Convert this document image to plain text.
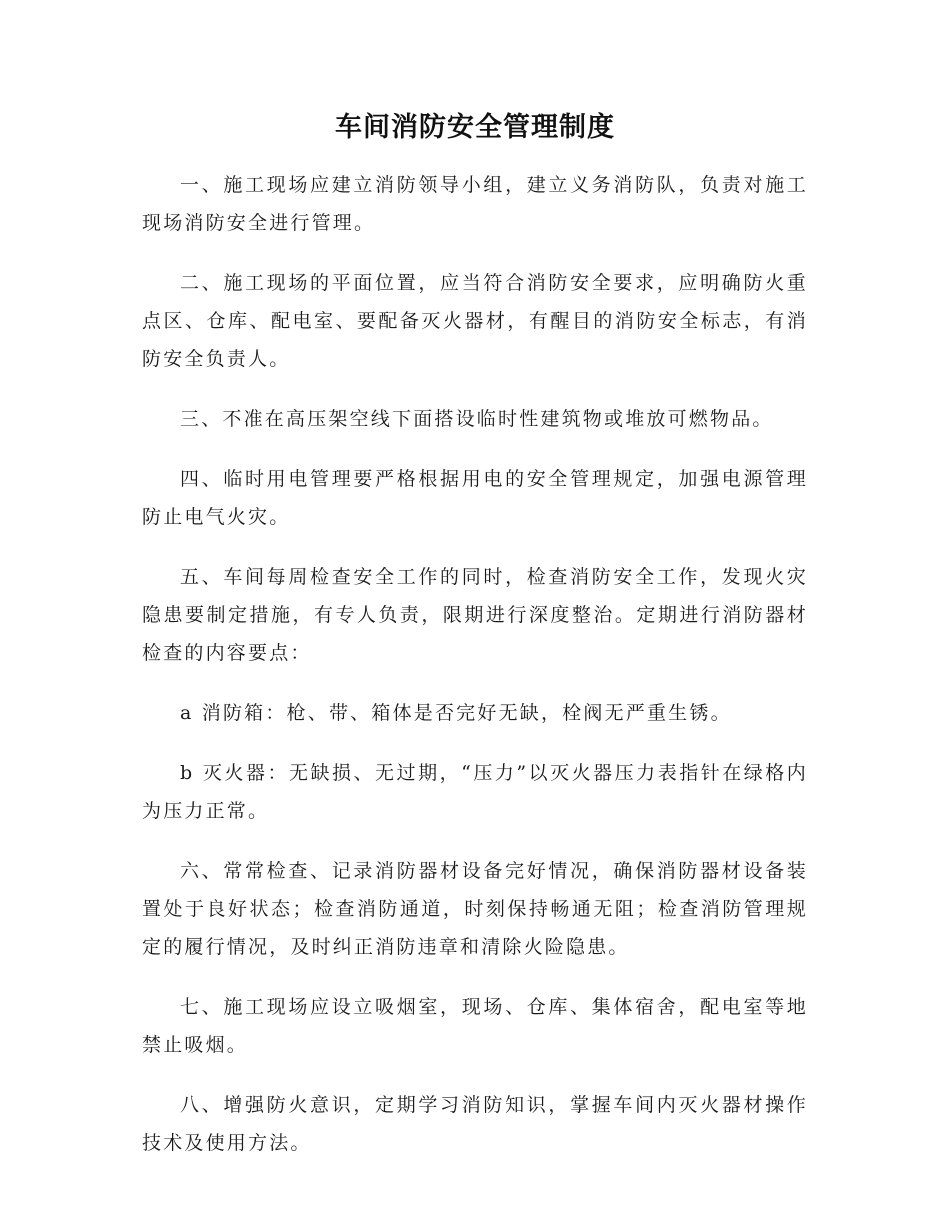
车间消防安全管理制度

一、施工现场应建立消防领导小组，建立义务消防队，负责对施工现场消防安全进行管理。

二、施工现场的平面位置，应当符合消防安全要求，应明确防火重点区、仓库、配电室、要配备灭火器材，有醒目的消防安全标志，有消防安全负责人。

三、不准在高压架空线下面搭设临时性建筑物或堆放可燃物品。

四、临时用电管理要严格根据用电的安全管理规定，加强电源管理防止电气火灾。

五、车间每周检查安全工作的同时，检查消防安全工作，发现火灾隐患要制定措施，有专人负责，限期进行深度整治。定期进行消防器材检查的内容要点：

a 消防箱：枪、带、箱体是否完好无缺，栓阀无严重生锈。

b 灭火器：无缺损、无过期，“压力”以灭火器压力表指针在绿格内为压力正常。

六、常常检查、记录消防器材设备完好情况，确保消防器材设备装置处于良好状态；检查消防通道，时刻保持畅通无阻；检查消防管理规定的履行情况，及时纠正消防违章和清除火险隐患。

七、施工现场应设立吸烟室，现场、仓库、集体宿舍，配电室等地禁止吸烟。

八、增强防火意识，定期学习消防知识，掌握车间内灭火器材操作技术及使用方法。
